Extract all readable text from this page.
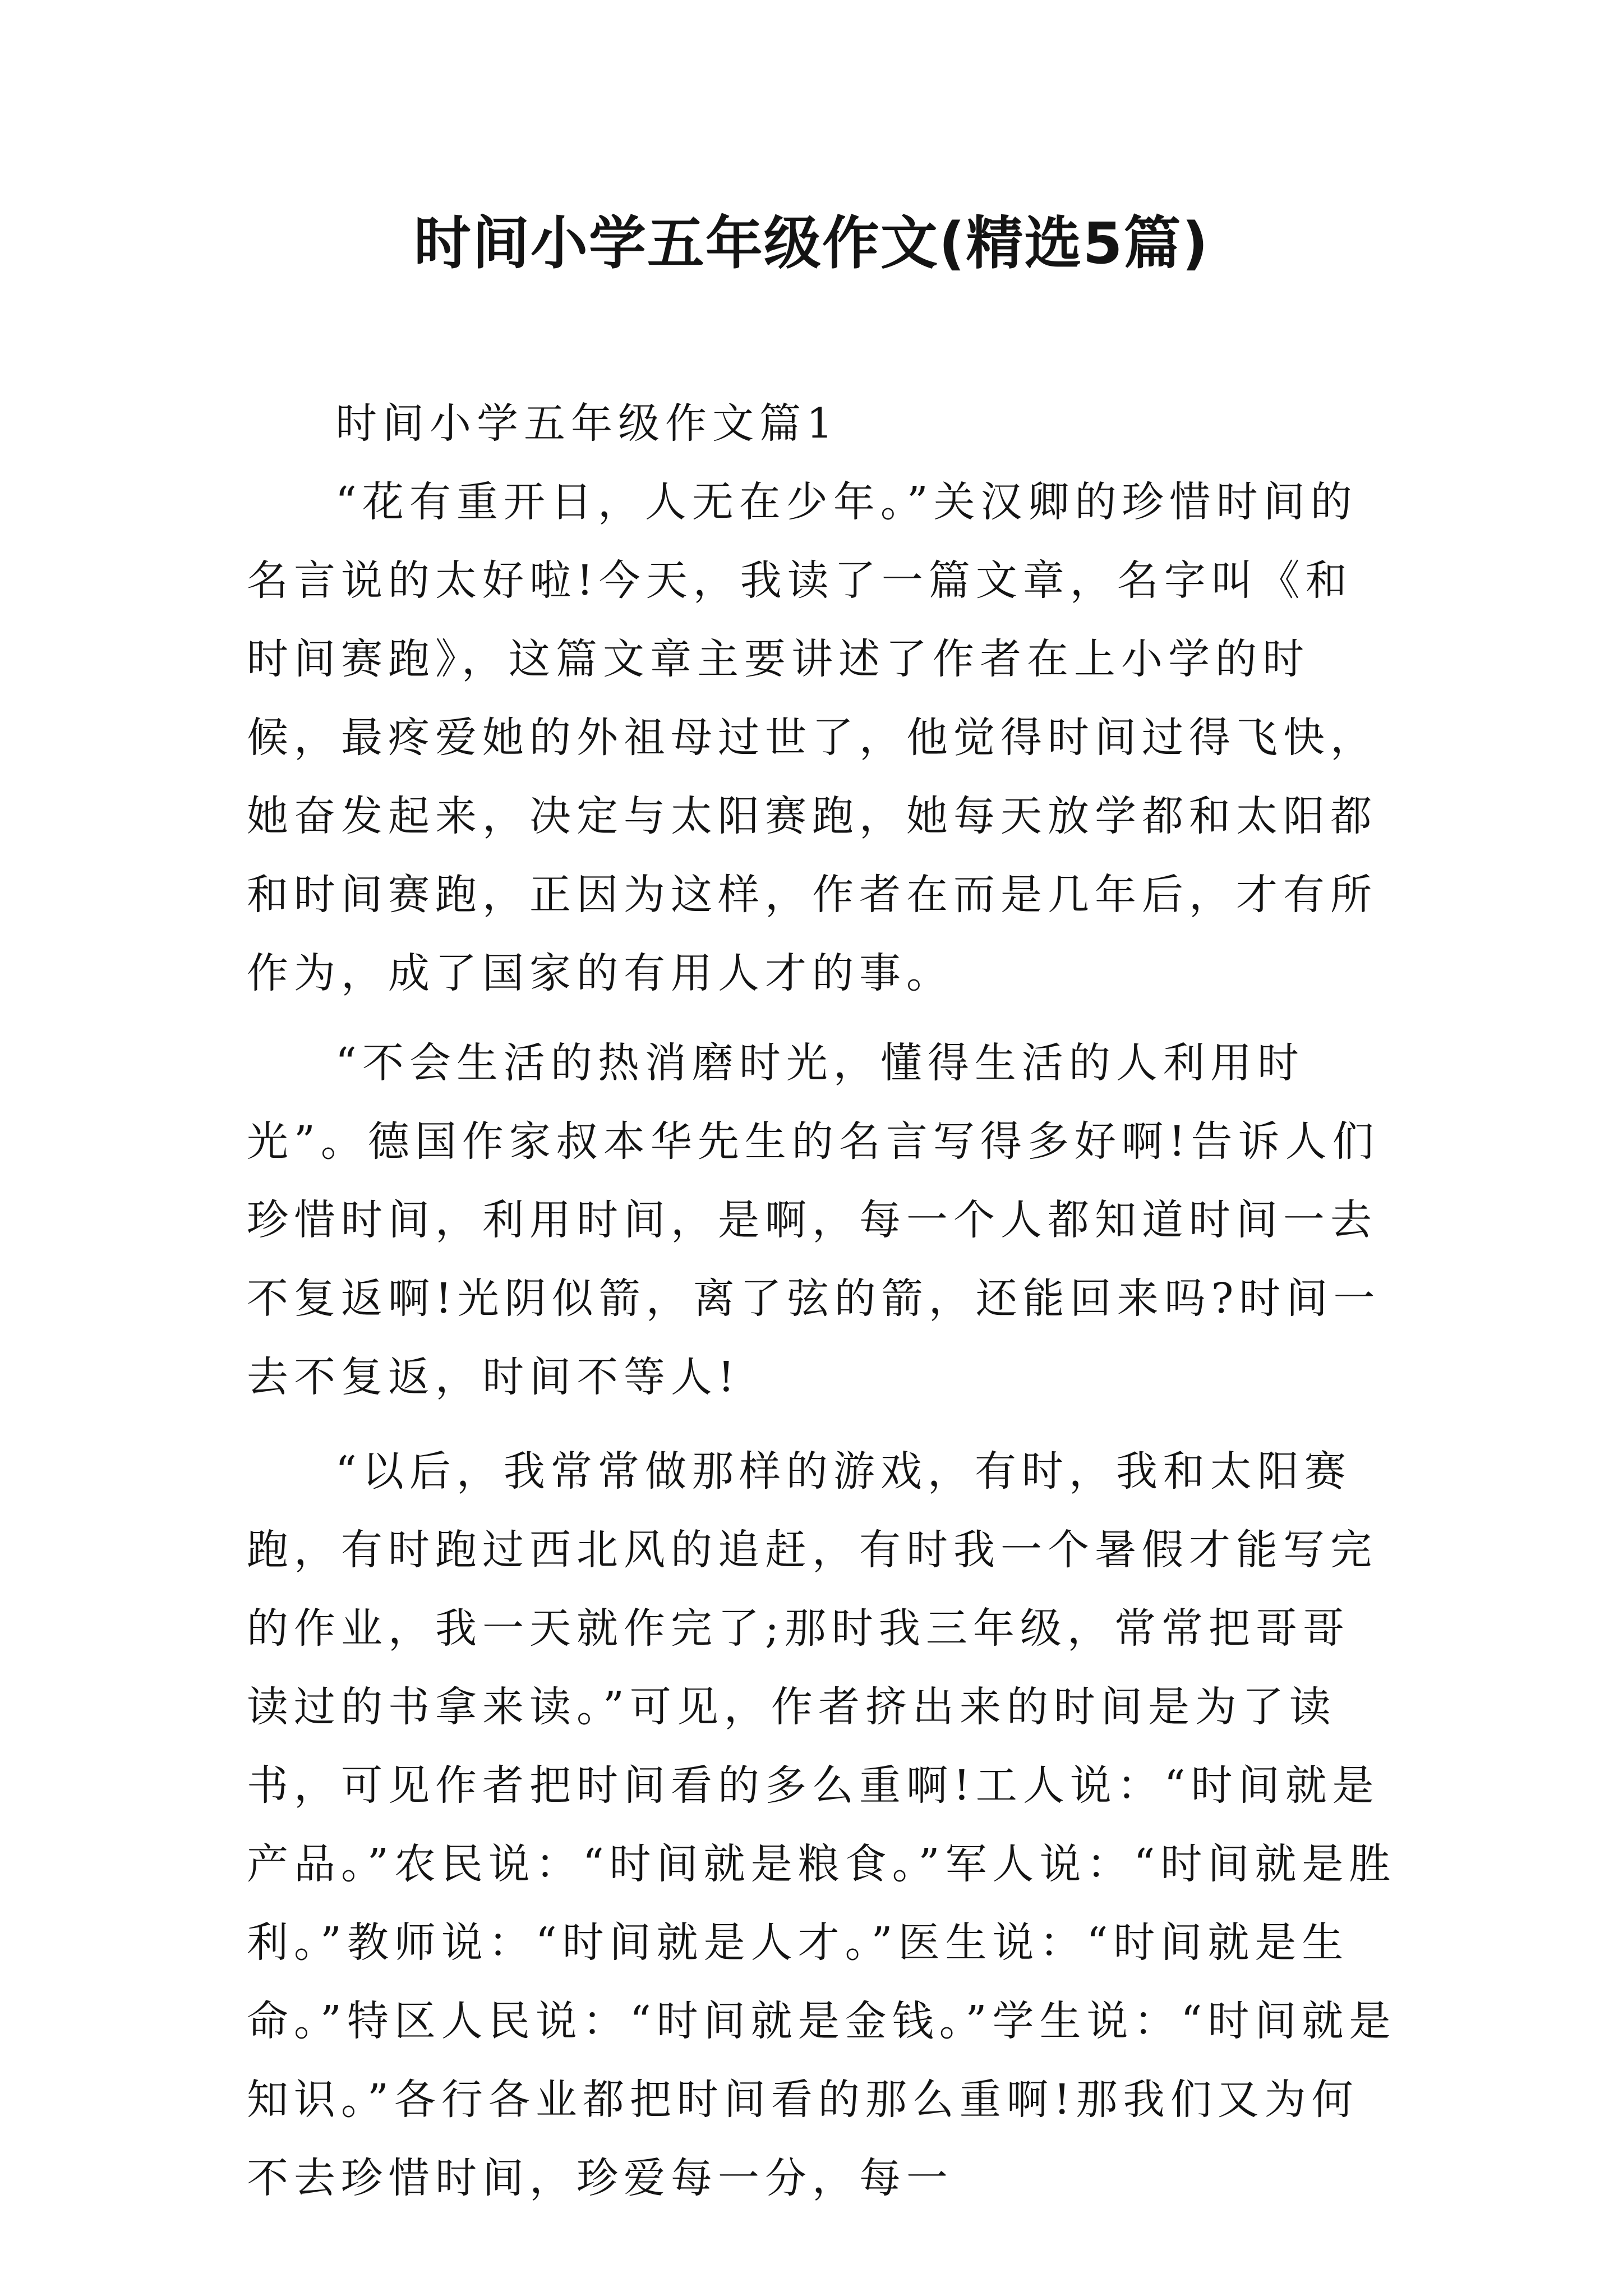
时间小学五年级作文(精选5篇)
时间小学五年级作文篇1

“花有重开日，人无在少年。”关汉卿的珍惜时间的名言说的太好啦!今天，我读了一篇文章，名字叫《和时间赛跑》，这篇文章主要讲述了作者在上小学的时候，最疼爱她的外祖母过世了，他觉得时间过得飞快，她奋发起来，决定与太阳赛跑，她每天放学都和太阳都和时间赛跑，正因为这样，作者在而是几年后，才有所作为，成了国家的有用人才的事。

“不会生活的热消磨时光，懂得生活的人利用时光”。德国作家叔本华先生的名言写得多好啊!告诉人们珍惜时间，利用时间，是啊，每一个人都知道时间一去不复返啊!光阴似箭，离了弦的箭，还能回来吗?时间一去不复返，时间不等人!

“以后，我常常做那样的游戏，有时，我和太阳赛跑，有时跑过西北风的追赶，有时我一个暑假才能写完的作业，我一天就作完了;那时我三年级，常常把哥哥读过的书拿来读。”可见，作者挤出来的时间是为了读书，可见作者把时间看的多么重啊!工人说：“时间就是产品。”农民说：“时间就是粮食。”军人说：“时间就是胜利。”教师说：“时间就是人才。”医生说：“时间就是生命。”特区人民说：“时间就是金钱。”学生说：“时间就是知识。”各行各业都把时间看的那么重啊!那我们又为何不去珍惜时间，珍爱每一分，每一
